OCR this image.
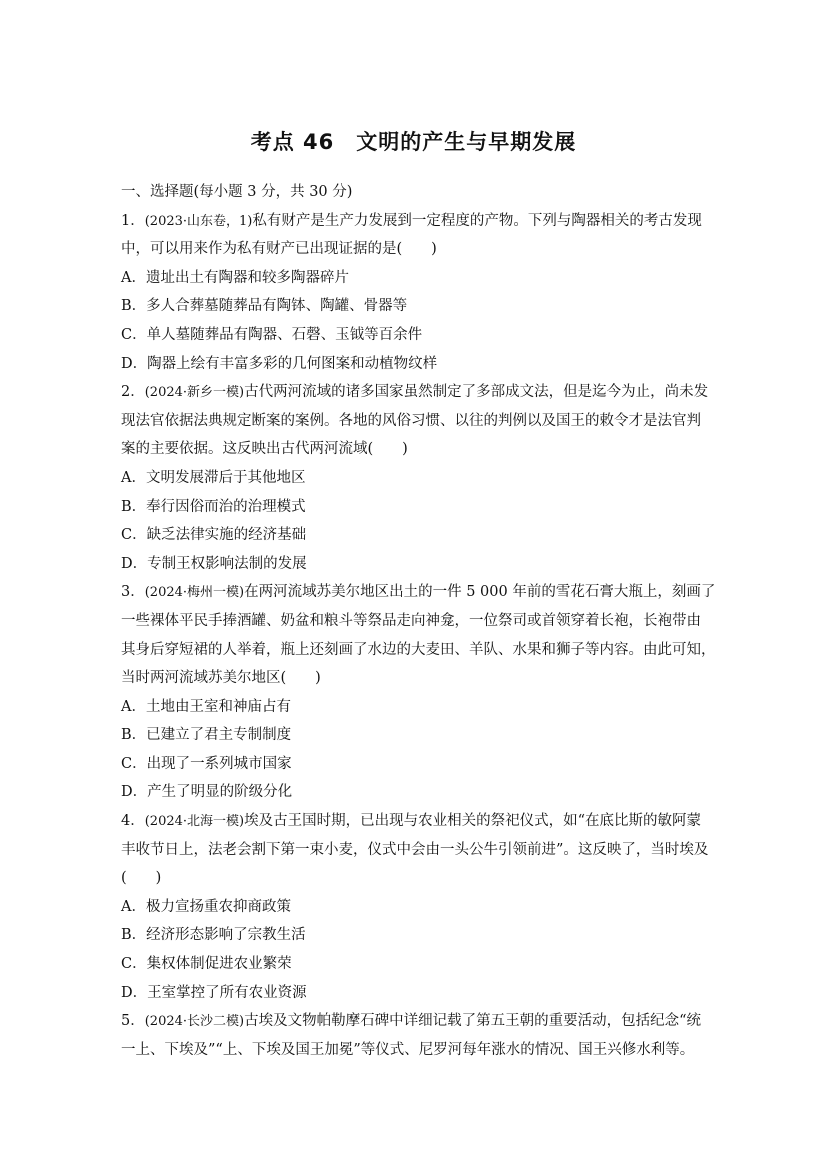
考点 46　文明的产生与早期发展
一、选择题(每小题 3 分，共 30 分)
1．(2023·山东卷，1)私有财产是生产力发展到一定程度的产物。下列与陶器相关的考古发现
中，可以用来作为私有财产已出现证据的是(　　)
A．遗址出土有陶器和较多陶器碎片
B．多人合葬墓随葬品有陶钵、陶罐、骨器等
C．单人墓随葬品有陶器、石磬、玉钺等百余件
D．陶器上绘有丰富多彩的几何图案和动植物纹样
2．(2024·新乡一模)古代两河流域的诸多国家虽然制定了多部成文法，但是迄今为止，尚未发
现法官依据法典规定断案的案例。各地的风俗习惯、以往的判例以及国王的敕令才是法官判
案的主要依据。这反映出古代两河流域(　　)
A．文明发展滞后于其他地区
B．奉行因俗而治的治理模式
C．缺乏法律实施的经济基础
D．专制王权影响法制的发展
3．(2024·梅州一模)在两河流域苏美尔地区出土的一件 5 000 年前的雪花石膏大瓶上，刻画了
一些裸体平民手捧酒罐、奶盆和粮斗等祭品走向神龛，一位祭司或首领穿着长袍，长袍带由
其身后穿短裙的人举着，瓶上还刻画了水边的大麦田、羊队、水果和狮子等内容。由此可知，
当时两河流域苏美尔地区(　　)
A．土地由王室和神庙占有
B．已建立了君主专制制度
C．出现了一系列城市国家
D．产生了明显的阶级分化
4．(2024·北海一模)埃及古王国时期，已出现与农业相关的祭祀仪式，如“在底比斯的敏阿蒙
丰收节日上，法老会割下第一束小麦，仪式中会由一头公牛引领前进”。这反映了，当时埃及
(　　)
A．极力宣扬重农抑商政策
B．经济形态影响了宗教生活
C．集权体制促进农业繁荣
D．王室掌控了所有农业资源
5．(2024·长沙二模)古埃及文物帕勒摩石碑中详细记载了第五王朝的重要活动，包括纪念“统
一上、下埃及”“上、下埃及国王加冕”等仪式、尼罗河每年涨水的情况、国王兴修水利等。
